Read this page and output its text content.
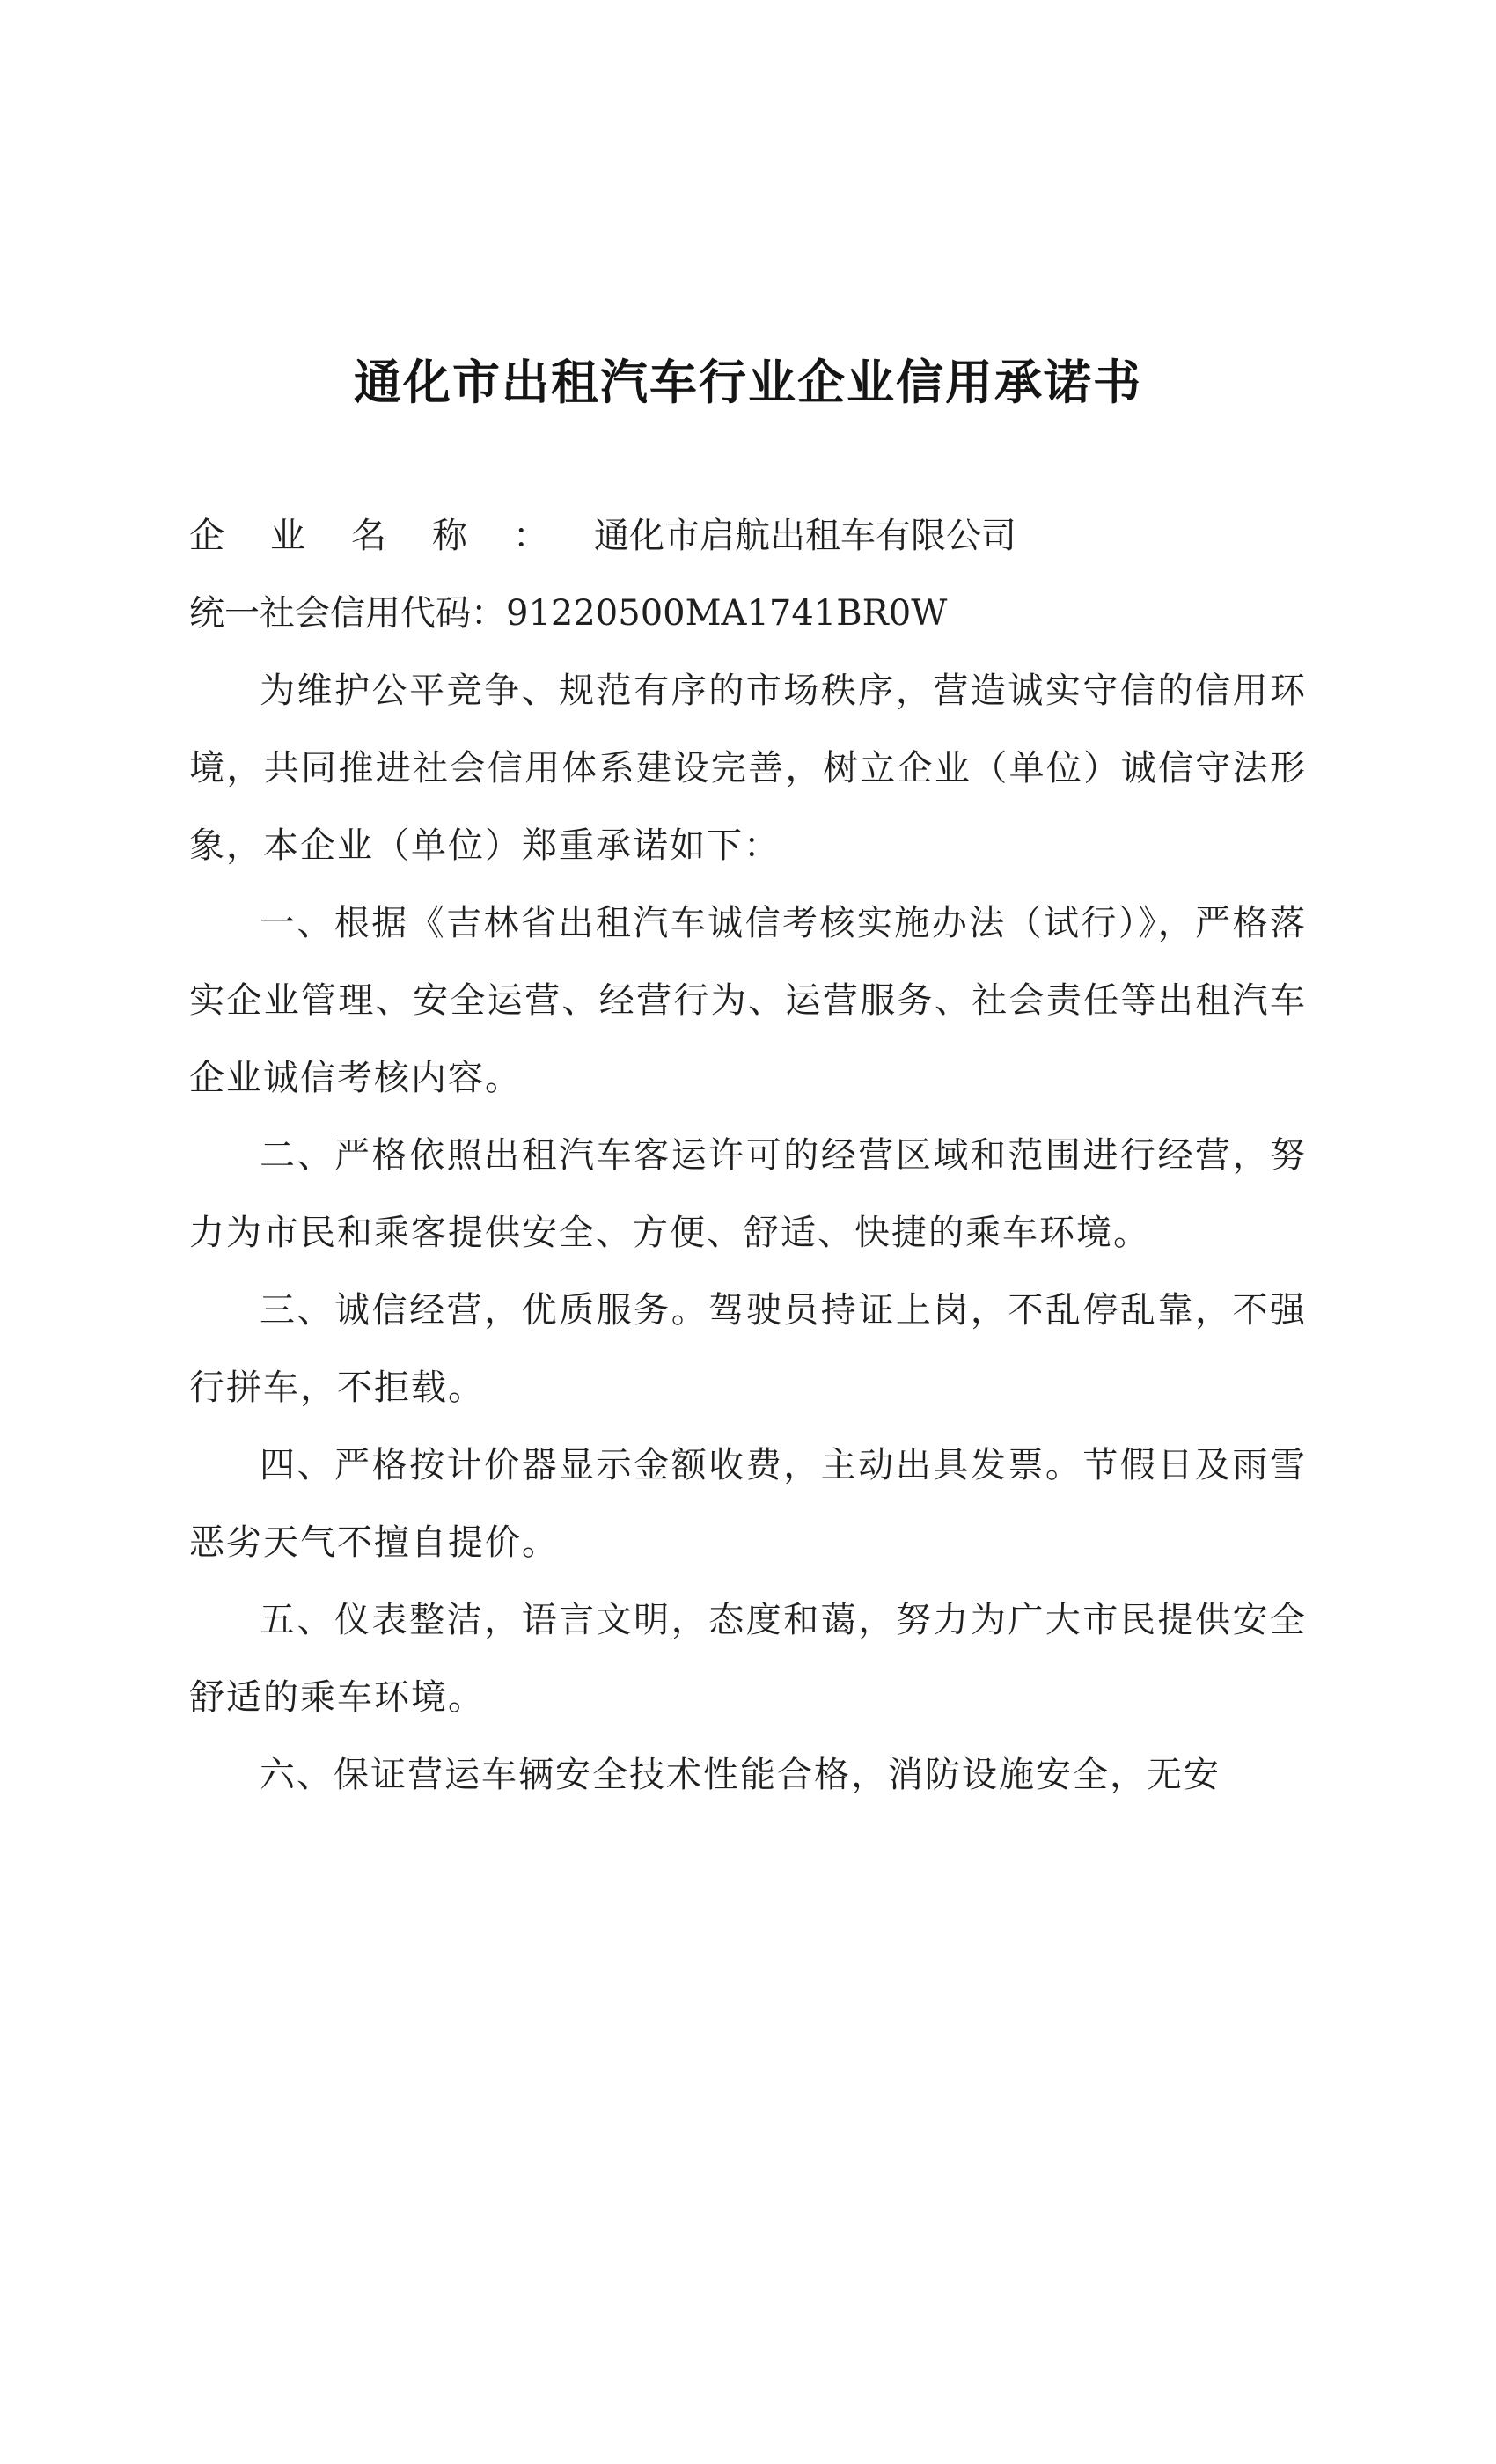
通化市出租汽车行业企业信用承诺书
企业名称：通化市启航出租车有限公司
统一社会信用代码：91220500MA1741BR0W

为维护公平竞争、规范有序的市场秩序，营造诚实守信的信用环境，共同推进社会信用体系建设完善，树立企业（单位）诚信守法形象，本企业（单位）郑重承诺如下：

一、根据《吉林省出租汽车诚信考核实施办法（试行）》，严格落实企业管理、安全运营、经营行为、运营服务、社会责任等出租汽车企业诚信考核内容。

二、严格依照出租汽车客运许可的经营区域和范围进行经营，努力为市民和乘客提供安全、方便、舒适、快捷的乘车环境。

三、诚信经营，优质服务。驾驶员持证上岗，不乱停乱靠，不强行拼车，不拒载。

四、严格按计价器显示金额收费，主动出具发票。节假日及雨雪恶劣天气不擅自提价。

五、仪表整洁，语言文明，态度和蔼，努力为广大市民提供安全舒适的乘车环境。

六、保证营运车辆安全技术性能合格，消防设施安全，无安
